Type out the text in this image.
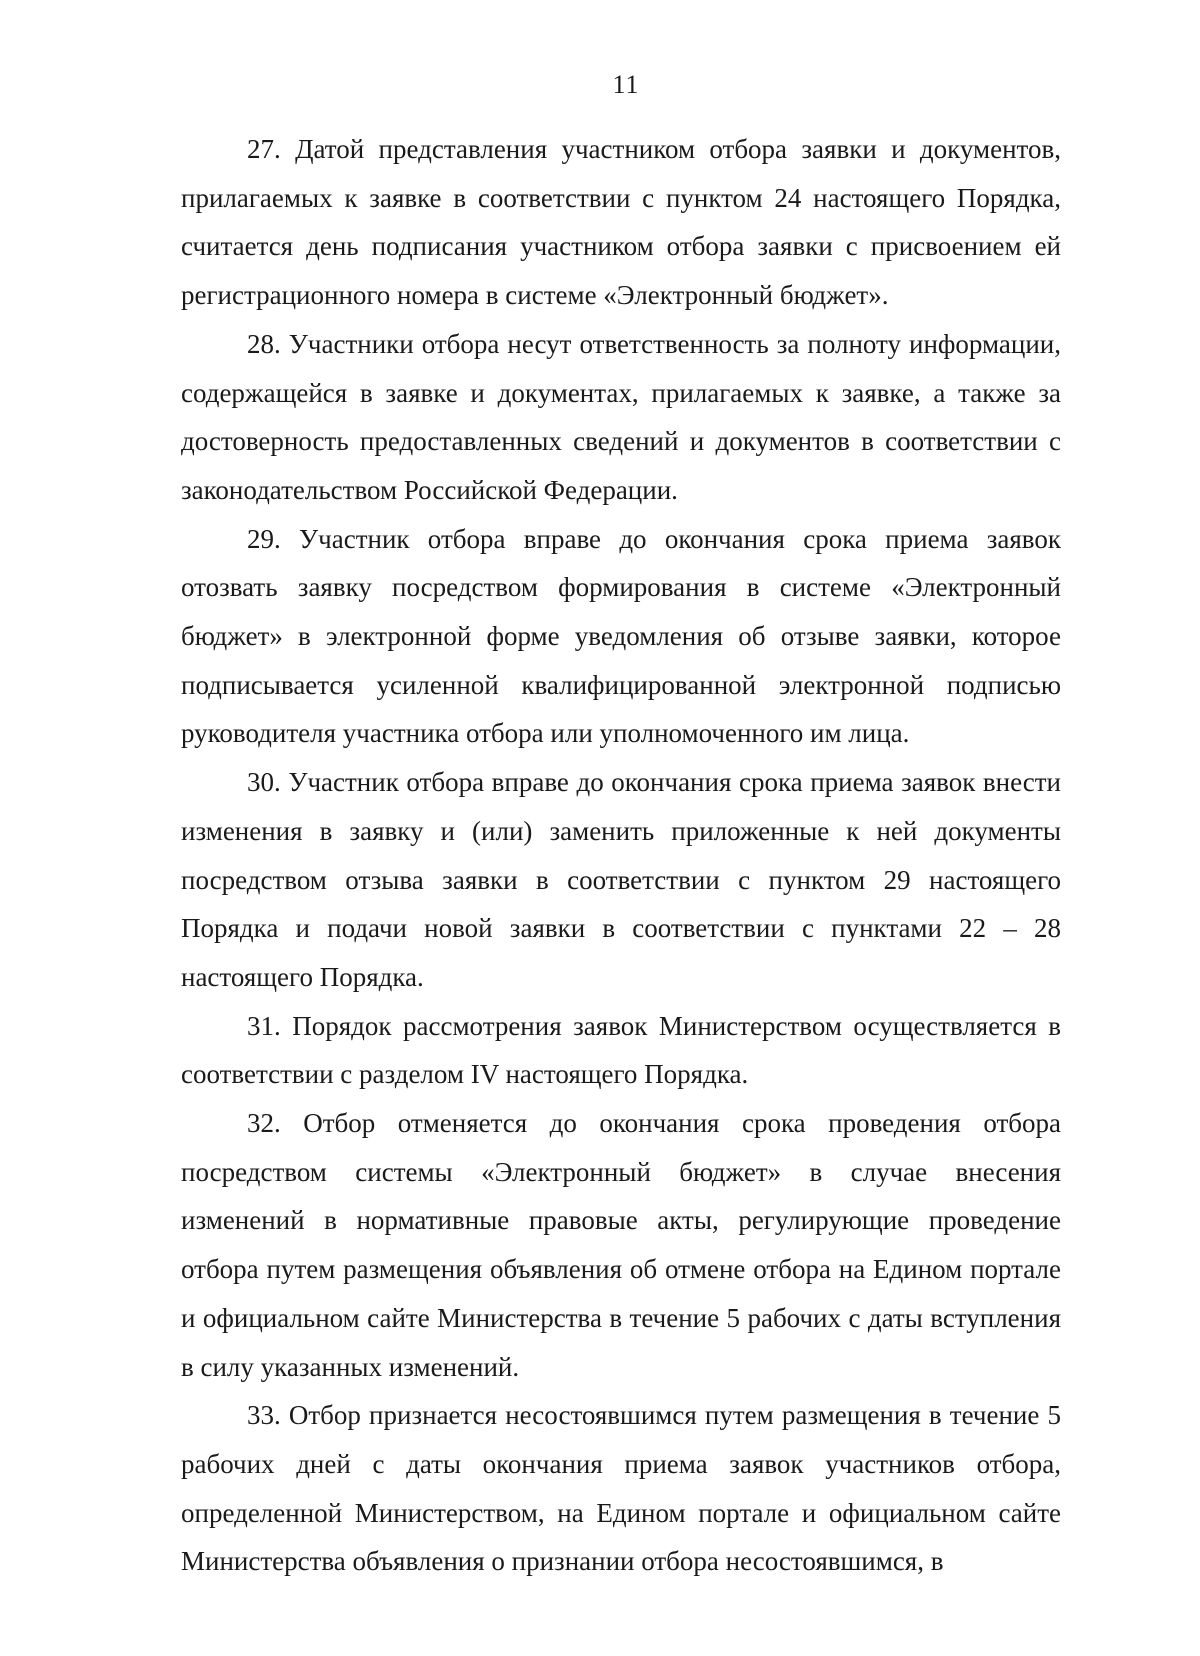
11

27. Датой представления участником отбора заявки и документов, прилагаемых к заявке в соответствии с пунктом 24 настоящего Порядка, считается день подписания участником отбора заявки с присвоением ей регистрационного номера в системе «Электронный бюджет».

28. Участники отбора несут ответственность за полноту информации, содержащейся в заявке и документах, прилагаемых к заявке, а также за достоверность предоставленных сведений и документов в соответствии с законодательством Российской Федерации.

29. Участник отбора вправе до окончания срока приема заявок отозвать заявку посредством формирования в системе «Электронный бюджет» в электронной форме уведомления об отзыве заявки, которое подписывается усиленной квалифицированной электронной подписью руководителя участника отбора или уполномоченного им лица.

30. Участник отбора вправе до окончания срока приема заявок внести изменения в заявку и (или) заменить приложенные к ней документы посредством отзыва заявки в соответствии с пунктом 29 настоящего Порядка и подачи новой заявки в соответствии с пунктами 22 – 28 настоящего Порядка.

31. Порядок рассмотрения заявок Министерством осуществляется в соответствии с разделом IV настоящего Порядка.

32. Отбор отменяется до окончания срока проведения отбора посредством системы «Электронный бюджет» в случае внесения изменений в нормативные правовые акты, регулирующие проведение отбора путем размещения объявления об отмене отбора на Едином портале и официальном сайте Министерства в течение 5 рабочих с даты вступления в силу указанных изменений.

33. Отбор признается несостоявшимся путем размещения в течение 5 рабочих дней с даты окончания приема заявок участников отбора, определенной Министерством, на Едином портале и официальном сайте Министерства объявления о признании отбора несостоявшимся, в
